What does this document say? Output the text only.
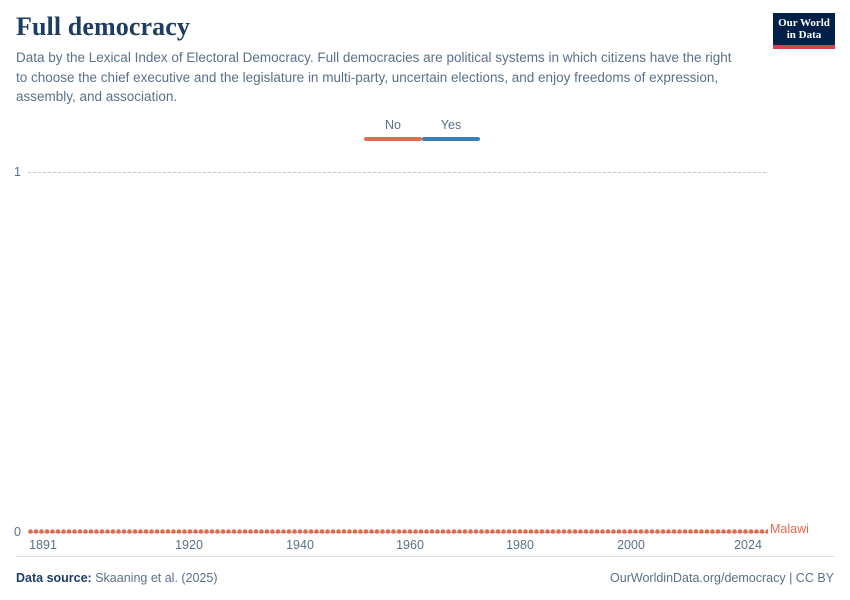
Full democracy

Data by the Lexical Index of Electoral Democracy. Full democracies are political systems in which citizens have the right to choose the chief executive and the legislature in multi-party, uncertain elections, and enjoy freedoms of expression, assembly, and association.

Our World
in Data
No	Yes
1
0	Malawi
1891	1920	1940	1960	1980	2000	2024
Data source: Skaaning et al. (2025)	OurWorldinData.org/democracy | CC BY
